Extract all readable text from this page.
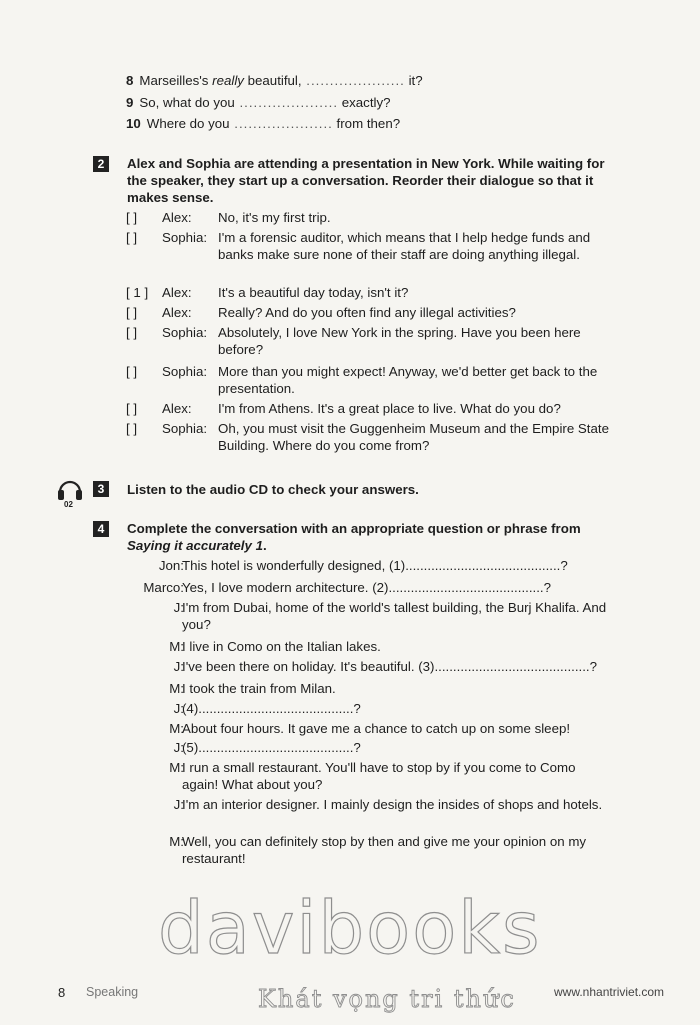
8 Marseilles's really beautiful, ..................... it?
9 So, what do you ..................... exactly?
10 Where do you ..................... from then?
2	Alex and Sophia are attending a presentation in New York. While waiting for the speaker, they start up a conversation. Reorder their dialogue so that it makes sense.
[ ]	Alex:	No, it's my first trip.
[ ]	Sophia: I'm a forensic auditor, which means that I help hedge funds and banks make sure none of their staff are doing anything illegal.
[ 1 ]	Alex:	It's a beautiful day today, isn't it?
[ ]	Alex:	Really? And do you often find any illegal activities?
[ ]	Sophia: Absolutely, I love New York in the spring. Have you been here before?
[ ]	Sophia: More than you might expect! Anyway, we'd better get back to the presentation.
[ ]	Alex:	I'm from Athens. It's a great place to live. What do you do?
[ ]	Sophia: Oh, you must visit the Guggenheim Museum and the Empire State Building. Where do you come from?
02
3	Listen to the audio CD to check your answers.
4	Complete the conversation with an appropriate question or phrase from Saying it accurately 1.
Jon:
This hotel is wonderfully designed, (1)..........................................?
Marco:
Yes, I love modern architecture. (2)..........................................?
J:
I'm from Dubai, home of the world's tallest building, the Burj Khalifa. And you?
M:
I live in Como on the Italian lakes.
J:
I've been there on holiday. It's beautiful. (3)..........................................?
M:
I took the train from Milan.
J:
(4)..........................................?
M:
About four hours. It gave me a chance to catch up on some sleep!
J:
(5)..........................................?
M:
I run a small restaurant. You'll have to stop by if you come to Como again! What about you?
J:
I'm an interior designer. I mainly design the insides of shops and hotels.
M:
Well, you can definitely stop by then and give me your opinion on my restaurant!
davibooks
Khát vọng tri thức
8 Speaking	www.nhantriviet.com
